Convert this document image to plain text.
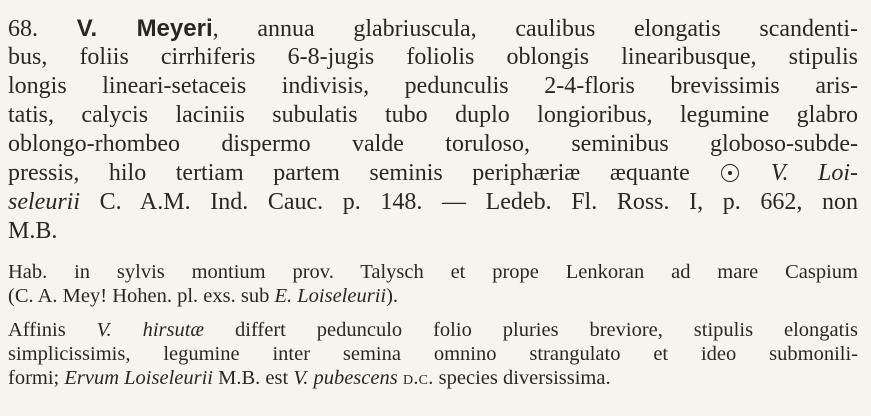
68. V. Meyeri, annua glabriuscula, caulibus elongatis scandenti-
bus, foliis cirrhiferis 6-8-jugis foliolis oblongis linearibusque, stipulis
longis lineari-setaceis indivisis, pedunculis 2-4-floris brevissimis aris-
tatis, calycis laciniis subulatis tubo duplo longioribus, legumine glabro
oblongo-rhombeo dispermo valde toruloso, seminibus globoso-subde-
pressis, hilo tertiam partem seminis periphæriæ æquante	V. Loi-
seleurii C. A.M. Ind. Cauc. p. 148. — Ledeb. Fl. Ross. I, p. 662, non
M.B.
Hab. in sylvis montium prov. Talysch et prope Lenkoran ad mare Caspium
(C. A. Mey! Hohen. pl. exs. sub E. Loiseleurii).
Affinis V. hirsutæ differt pedunculo folio pluries breviore, stipulis elongatis
simplicissimis, legumine inter semina omnino strangulato et ideo submonili-
formi; Ervum Loiseleurii M.B. est V. pubescens d.c. species diversissima.
